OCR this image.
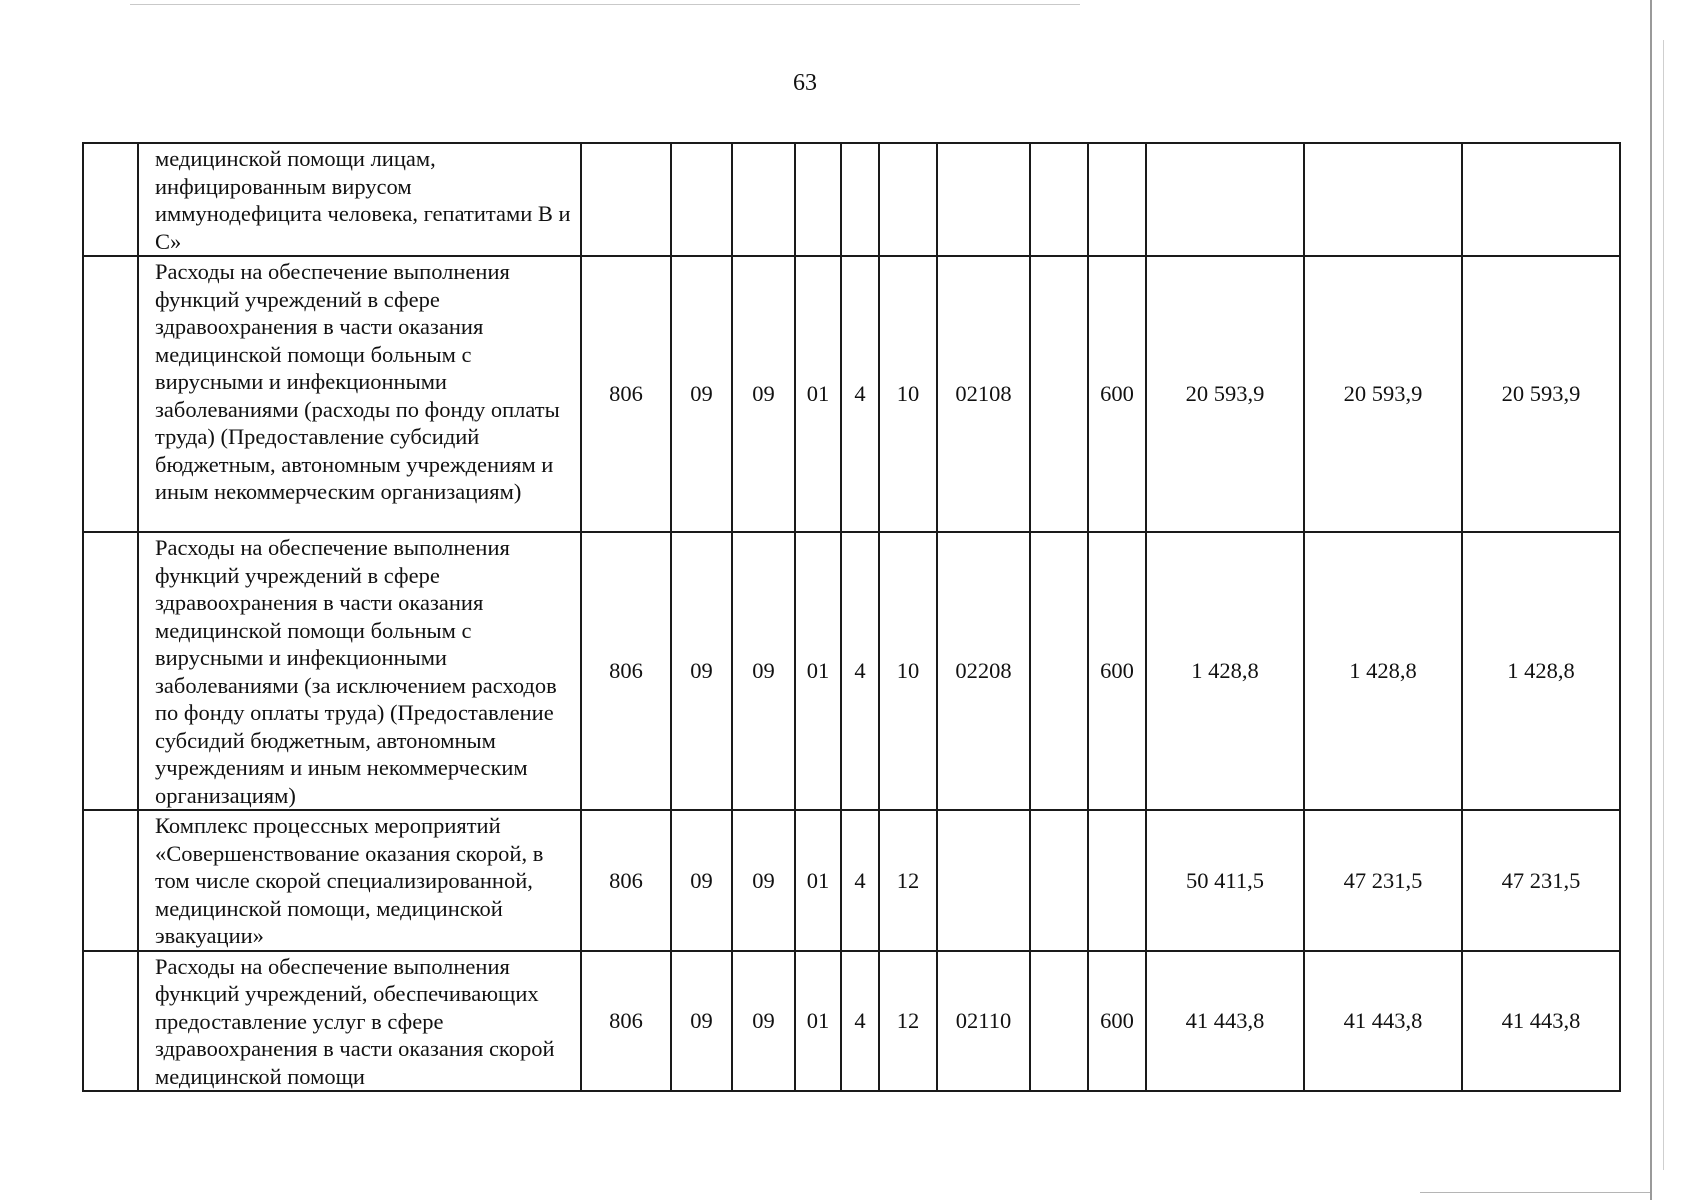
63
	медицинской помощи лицам, инфицированным вирусом иммунодефицита человека, гепатитами В и С»												
	Расходы на обеспечение выполнения функций учреждений в сфере здравоохранения в части оказания медицинской помощи больным с вирусными и инфекционными заболеваниями (расходы по фонду оплаты труда) (Предоставление субсидий бюджетным, автономным учреждениям и иным некоммерческим организациям)	806	09	09	01	4	10	02108		600	20 593,9	20 593,9	20 593,9
	Расходы на обеспечение выполнения функций учреждений в сфере здравоохранения в части оказания медицинской помощи больным с вирусными и инфекционными заболеваниями (за исключением расходов по фонду оплаты труда) (Предоставление субсидий бюджетным, автономным учреждениям и иным некоммерческим организациям)	806	09	09	01	4	10	02208		600	1 428,8	1 428,8	1 428,8
	Комплекс процессных мероприятий «Совершенствование оказания скорой, в том числе скорой специализированной, медицинской помощи, медицинской эвакуации»	806	09	09	01	4	12				50 411,5	47 231,5	47 231,5
	Расходы на обеспечение выполнения функций учреждений, обеспечивающих предоставление услуг в сфере здравоохранения в части оказания скорой медицинской помощи	806	09	09	01	4	12	02110		600	41 443,8	41 443,8	41 443,8
